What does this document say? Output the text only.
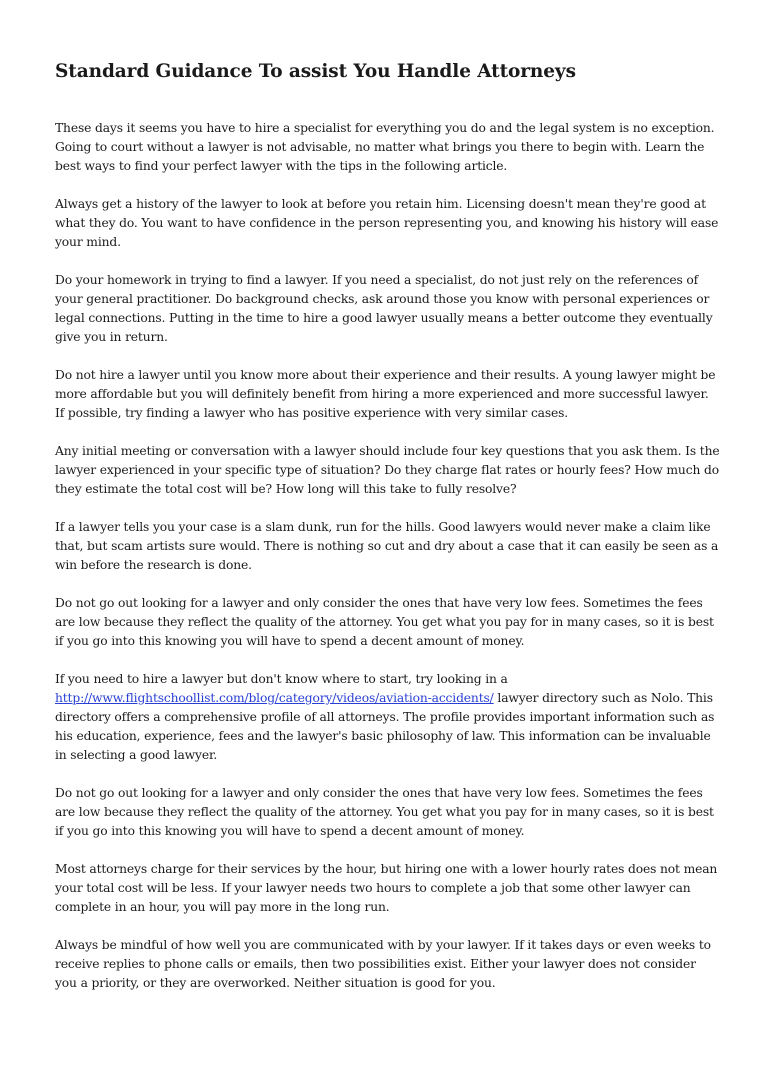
Standard Guidance To assist You Handle Attorneys

These days it seems you have to hire a specialist for everything you do and the legal system is no exception. Going to court without a lawyer is not advisable, no matter what brings you there to begin with. Learn the best ways to find your perfect lawyer with the tips in the following article.

Always get a history of the lawyer to look at before you retain him. Licensing doesn't mean they're good at what they do. You want to have confidence in the person representing you, and knowing his history will ease your mind.

Do your homework in trying to find a lawyer. If you need a specialist, do not just rely on the references of your general practitioner. Do background checks, ask around those you know with personal experiences or legal connections. Putting in the time to hire a good lawyer usually means a better outcome they eventually give you in return.

Do not hire a lawyer until you know more about their experience and their results. A young lawyer might be more affordable but you will definitely benefit from hiring a more experienced and more successful lawyer. If possible, try finding a lawyer who has positive experience with very similar cases.

Any initial meeting or conversation with a lawyer should include four key questions that you ask them. Is the lawyer experienced in your specific type of situation? Do they charge flat rates or hourly fees? How much do they estimate the total cost will be? How long will this take to fully resolve?

If a lawyer tells you your case is a slam dunk, run for the hills. Good lawyers would never make a claim like that, but scam artists sure would. There is nothing so cut and dry about a case that it can easily be seen as a win before the research is done.

Do not go out looking for a lawyer and only consider the ones that have very low fees. Sometimes the fees are low because they reflect the quality of the attorney. You get what you pay for in many cases, so it is best if you go into this knowing you will have to spend a decent amount of money.

If you need to hire a lawyer but don't know where to start, try looking in a http://www.flightschoollist.com/blog/category/videos/aviation-accidents/ lawyer directory such as Nolo. This directory offers a comprehensive profile of all attorneys. The profile provides important information such as his education, experience, fees and the lawyer's basic philosophy of law. This information can be invaluable in selecting a good lawyer.

Do not go out looking for a lawyer and only consider the ones that have very low fees. Sometimes the fees are low because they reflect the quality of the attorney. You get what you pay for in many cases, so it is best if you go into this knowing you will have to spend a decent amount of money.

Most attorneys charge for their services by the hour, but hiring one with a lower hourly rates does not mean your total cost will be less. If your lawyer needs two hours to complete a job that some other lawyer can complete in an hour, you will pay more in the long run.

Always be mindful of how well you are communicated with by your lawyer. If it takes days or even weeks to receive replies to phone calls or emails, then two possibilities exist. Either your lawyer does not consider you a priority, or they are overworked. Neither situation is good for you.
